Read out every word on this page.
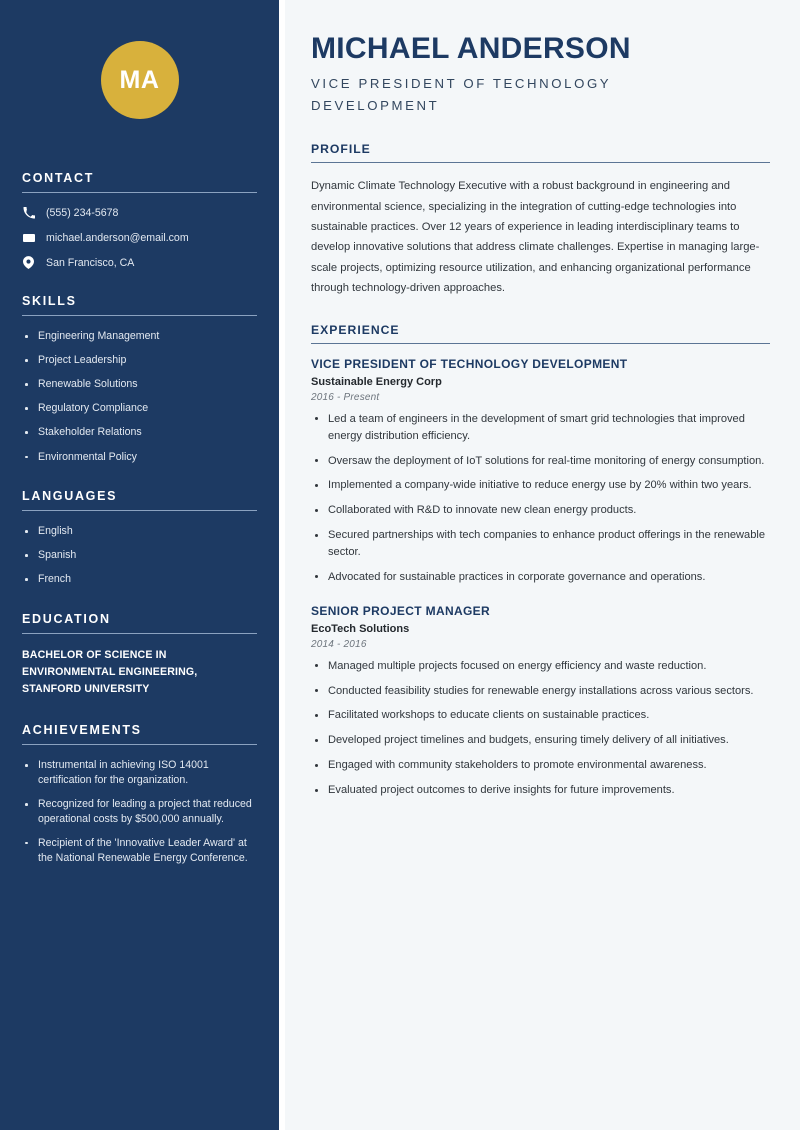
MA
CONTACT
(555) 234-5678
michael.anderson@email.com
San Francisco, CA
SKILLS
Engineering Management
Project Leadership
Renewable Solutions
Regulatory Compliance
Stakeholder Relations
Environmental Policy
LANGUAGES
English
Spanish
French
EDUCATION
BACHELOR OF SCIENCE IN ENVIRONMENTAL ENGINEERING, STANFORD UNIVERSITY
ACHIEVEMENTS
Instrumental in achieving ISO 14001 certification for the organization.
Recognized for leading a project that reduced operational costs by $500,000 annually.
Recipient of the 'Innovative Leader Award' at the National Renewable Energy Conference.
MICHAEL ANDERSON
VICE PRESIDENT OF TECHNOLOGY DEVELOPMENT
PROFILE

Dynamic Climate Technology Executive with a robust background in engineering and environmental science, specializing in the integration of cutting-edge technologies into sustainable practices. Over 12 years of experience in leading interdisciplinary teams to develop innovative solutions that address climate challenges. Expertise in managing large-scale projects, optimizing resource utilization, and enhancing organizational performance through technology-driven approaches.

EXPERIENCE
VICE PRESIDENT OF TECHNOLOGY DEVELOPMENT
Sustainable Energy Corp
2016 - Present
Led a team of engineers in the development of smart grid technologies that improved energy distribution efficiency.
Oversaw the deployment of IoT solutions for real-time monitoring of energy consumption.
Implemented a company-wide initiative to reduce energy use by 20% within two years.
Collaborated with R&D to innovate new clean energy products.
Secured partnerships with tech companies to enhance product offerings in the renewable sector.
Advocated for sustainable practices in corporate governance and operations.
SENIOR PROJECT MANAGER
EcoTech Solutions
2014 - 2016
Managed multiple projects focused on energy efficiency and waste reduction.
Conducted feasibility studies for renewable energy installations across various sectors.
Facilitated workshops to educate clients on sustainable practices.
Developed project timelines and budgets, ensuring timely delivery of all initiatives.
Engaged with community stakeholders to promote environmental awareness.
Evaluated project outcomes to derive insights for future improvements.
